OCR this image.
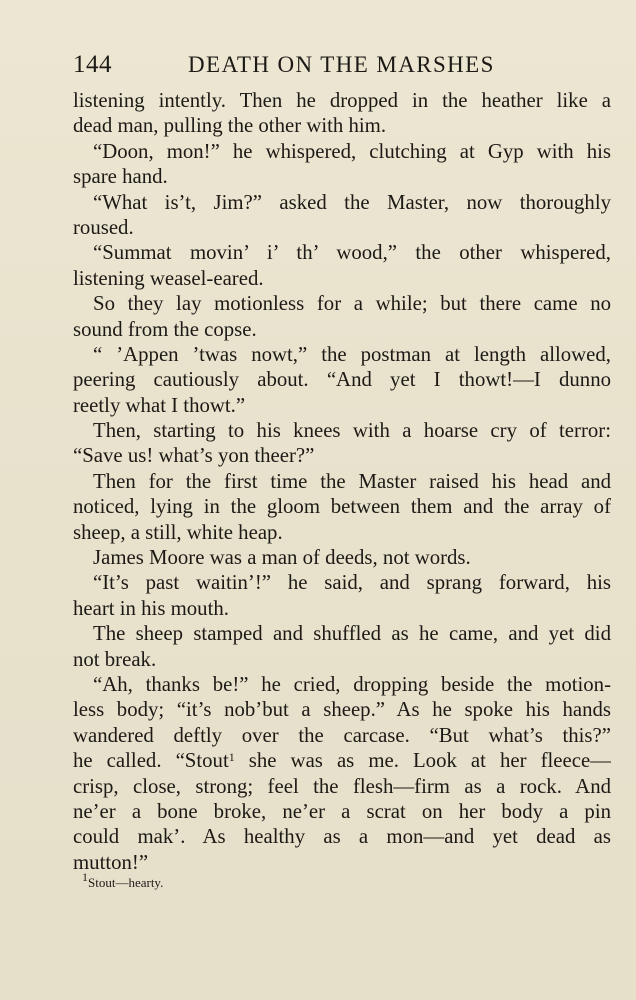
144	DEATH ON THE MARSHES
listening intently. Then he dropped in the heather like a
dead man, pulling the other with him.
“Doon, mon!” he whispered, clutching at Gyp with his
spare hand.
“What is’t, Jim?” asked the Master, now thoroughly
roused.
“Summat movin’ i’ th’ wood,” the other whispered,
listening weasel-eared.
So they lay motionless for a while; but there came no
sound from the copse.
“ ’Appen ’twas nowt,” the postman at length allowed,
peering cautiously about. “And yet I thowt!—I dunno
reetly what I thowt.”
Then, starting to his knees with a hoarse cry of terror:
“Save us! what’s yon theer?”
Then for the first time the Master raised his head and
noticed, lying in the gloom between them and the array of
sheep, a still, white heap.
James Moore was a man of deeds, not words.
“It’s past waitin’!” he said, and sprang forward, his
heart in his mouth.
The sheep stamped and shuffled as he came, and yet did
not break.
“Ah, thanks be!” he cried, dropping beside the motion-
less body; “it’s nob’but a sheep.” As he spoke his hands
wandered deftly over the carcase. “But what’s this?”
he called. “Stout$^1$ she was as me. Look at her fleece—
crisp, close, strong; feel the flesh—firm as a rock. And
ne’er a bone broke, ne’er a scrat on her body a pin
could mak’. As healthy as a mon—and yet dead as
mutton!”
$^1$Stout—hearty.
